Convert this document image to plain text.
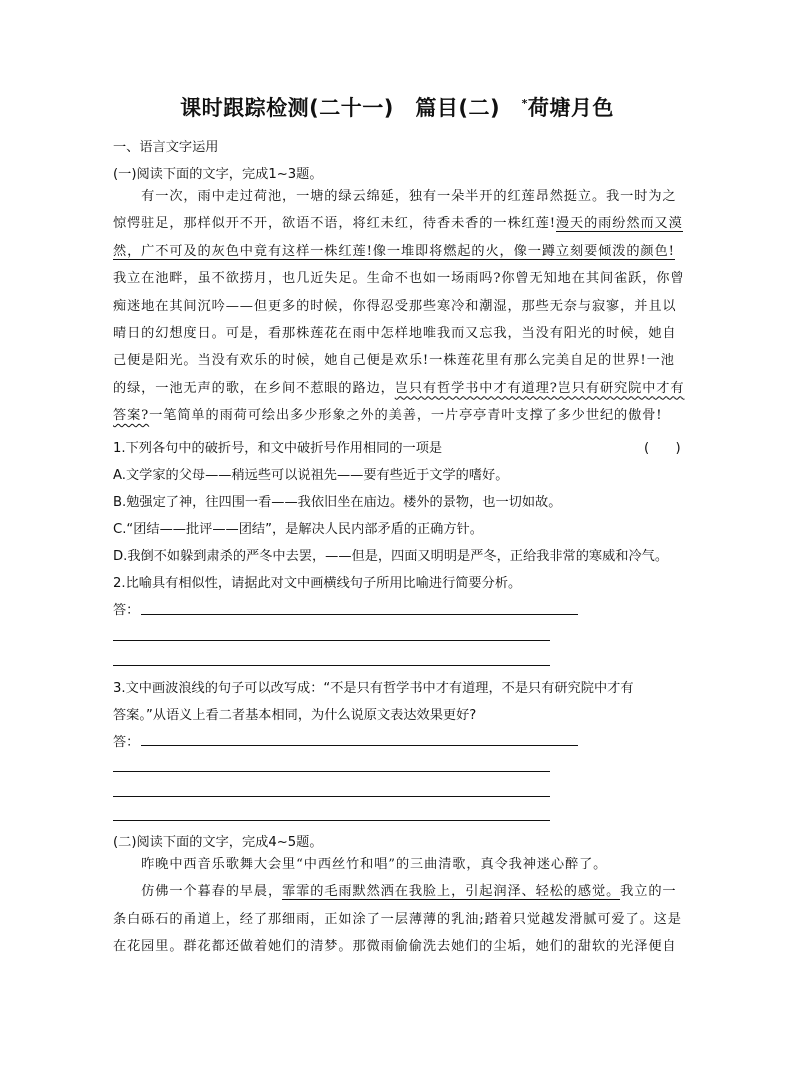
课时跟踪检测(二十一)　篇目(二)　*荷塘月色
一、语言文字运用
(一)阅读下面的文字，完成1~3题。
　　有一次，雨中走过荷池，一塘的绿云绵延，独有一朵半开的红莲昂然挺立。我一时为之
惊愕驻足，那样似开不开，欲语不语，将红未红，待香未香的一株红莲!漫天的雨纷然而又漠
然，广不可及的灰色中竟有这样一株红莲!像一堆即将燃起的火，像一蹲立刻要倾泼的颜色!
我立在池畔，虽不欲捞月，也几近失足。生命不也如一场雨吗?你曾无知地在其间雀跃，你曾
痴迷地在其间沉吟——但更多的时候，你得忍受那些寒冷和潮湿，那些无奈与寂寥，并且以
晴日的幻想度日。可是，看那株莲花在雨中怎样地唯我而又忘我，当没有阳光的时候，她自
己便是阳光。当没有欢乐的时候，她自己便是欢乐!一株莲花里有那么完美自足的世界!一池
的绿，一池无声的歌，在乡间不惹眼的路边，岂只有哲学书中才有道理?岂只有研究院中才有
答案?一笔简单的雨荷可绘出多少形象之外的美善，一片亭亭青叶支撑了多少世纪的傲骨!
1.下列各句中的破折号，和文中破折号作用相同的一项是	(　　)
A.文学家的父母——稍远些可以说祖先——要有些近于文学的嗜好。
B.勉强定了神，往四围一看——我依旧坐在庙边。楼外的景物，也一切如故。
C.“团结——批评——团结”，是解决人民内部矛盾的正确方针。
D.我倒不如躲到肃杀的严冬中去罢，——但是，四面又明明是严冬，正给我非常的寒威和冷气。
2.比喻具有相似性，请据此对文中画横线句子所用比喻进行简要分析。
答：
3.文中画波浪线的句子可以改写成：“不是只有哲学书中才有道理，不是只有研究院中才有
答案。”从语义上看二者基本相同，为什么说原文表达效果更好?
答：
(二)阅读下面的文字，完成4~5题。
　　昨晚中西音乐歌舞大会里“中西丝竹和唱”的三曲清歌，真令我神迷心醉了。
　　仿佛一个暮春的早晨，霏霏的毛雨默然洒在我脸上，引起润泽、轻松的感觉。我立的一
条白砾石的甬道上，经了那细雨，正如涂了一层薄薄的乳油;踏着只觉越发滑腻可爱了。这是
在花园里。群花都还做着她们的清梦。那微雨偷偷洗去她们的尘垢，她们的甜软的光泽便自
